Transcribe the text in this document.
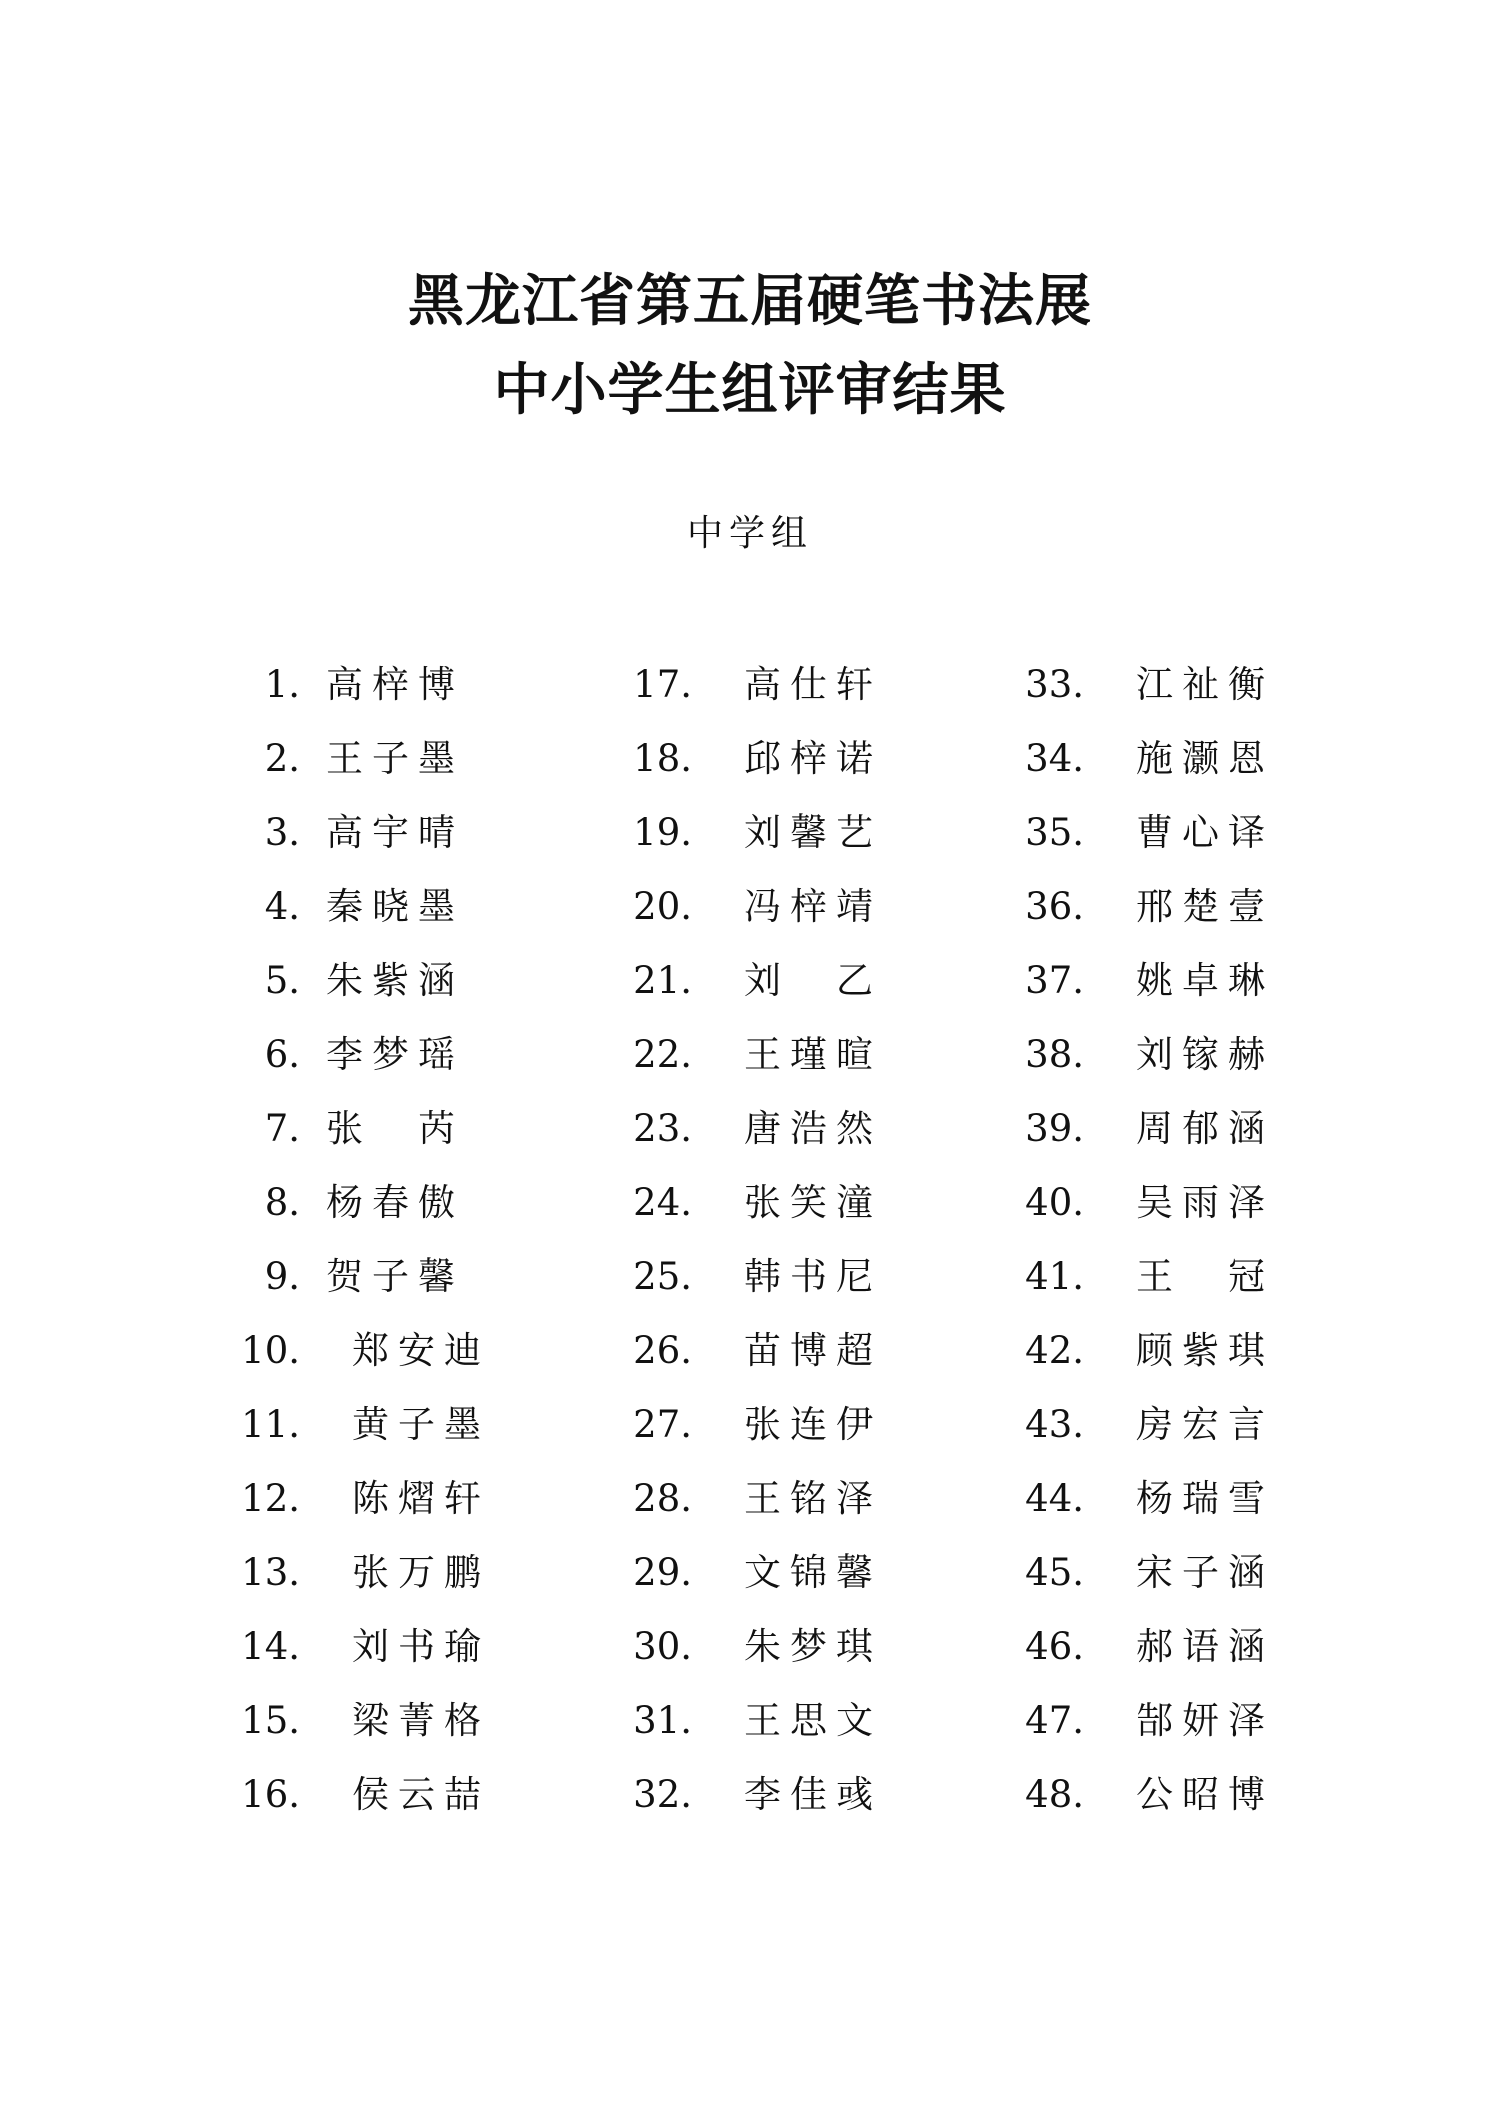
黑龙江省第五届硬笔书法展
中小学生组评审结果
中学组
1. 高梓博
2. 王子墨
3. 高宇晴
4. 秦晓墨
5. 朱紫涵
6. 李梦瑶
7. 张　芮
8. 杨春傲
9. 贺子馨
10. 郑安迪
11. 黄子墨
12. 陈熠轩
13. 张万鹏
14. 刘书瑜
15. 梁菁格
16. 侯云喆
17. 高仕轩
18. 邱梓诺
19. 刘馨艺
20. 冯梓靖
21. 刘　乙
22. 王瑾暄
23. 唐浩然
24. 张笑潼
25. 韩书尼
26. 苗博超
27. 张连伊
28. 王铭泽
29. 文锦馨
30. 朱梦琪
31. 王思文
32. 李佳彧
33. 江祉衡
34. 施灏恩
35. 曹心译
36. 邢楚壹
37. 姚卓琳
38. 刘镓赫
39. 周郁涵
40. 吴雨泽
41. 王　冠
42. 顾紫琪
43. 房宏言
44. 杨瑞雪
45. 宋子涵
46. 郝语涵
47. 郜妍泽
48. 公昭博
